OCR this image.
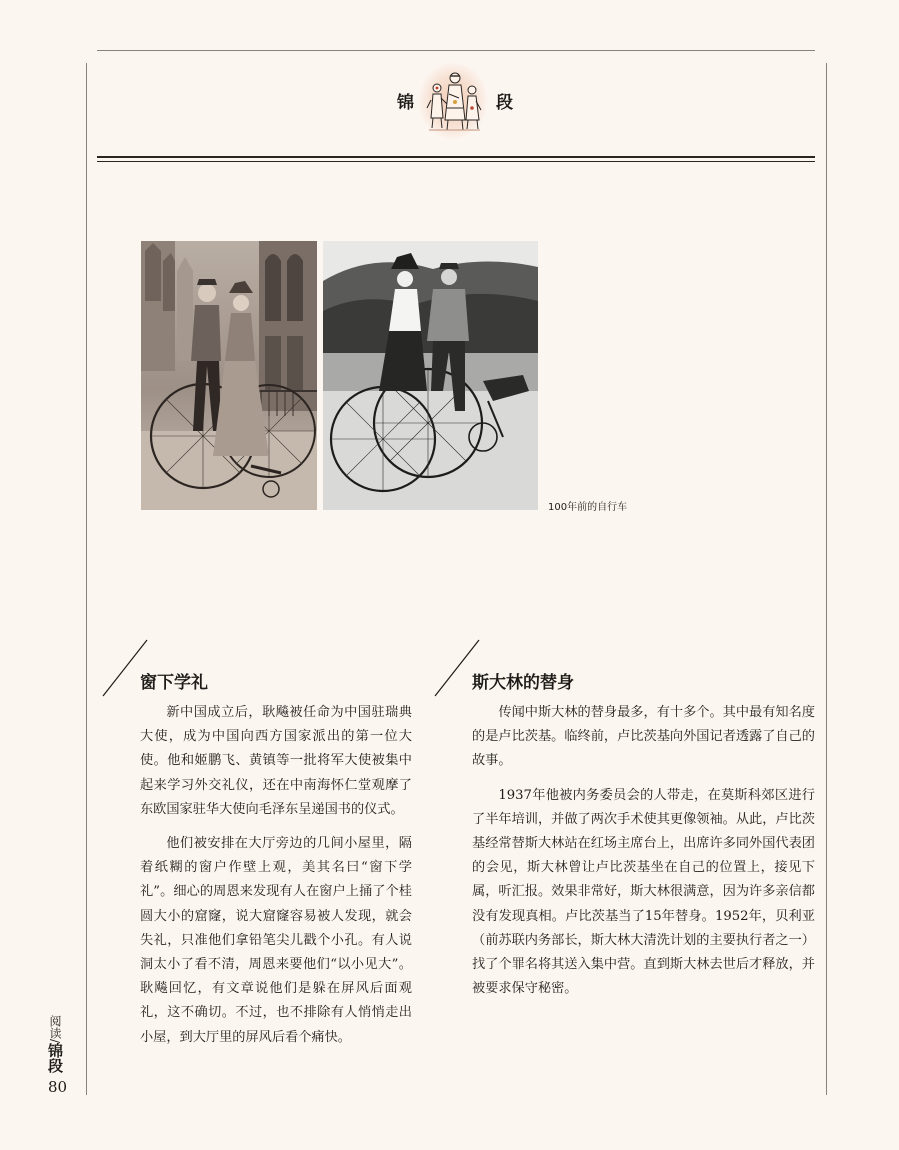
锦	段
100年前的自行车
窗下学礼

新中国成立后，耿飚被任命为中国驻瑞典大使，成为中国向西方国家派出的第一位大使。他和姬鹏飞、黄镇等一批将军大使被集中起来学习外交礼仪，还在中南海怀仁堂观摩了东欧国家驻华大使向毛泽东呈递国书的仪式。

他们被安排在大厅旁边的几间小屋里，隔着纸糊的窗户作壁上观，美其名曰“窗下学礼”。细心的周恩来发现有人在窗户上捅了个桂圆大小的窟窿，说大窟窿容易被人发现，就会失礼，只准他们拿铅笔尖儿戳个小孔。有人说洞太小了看不清，周恩来要他们“以小见大”。耿飚回忆，有文章说他们是躲在屏风后面观礼，这不确切。不过，也不排除有人悄悄走出小屋，到大厅里的屏风后看个痛快。

斯大林的替身

传闻中斯大林的替身最多，有十多个。其中最有知名度的是卢比茨基。临终前，卢比茨基向外国记者透露了自己的故事。

1937年他被内务委员会的人带走，在莫斯科郊区进行了半年培训，并做了两次手术使其更像领袖。从此，卢比茨基经常替斯大林站在红场主席台上，出席许多同外国代表团的会见，斯大林曾让卢比茨基坐在自己的位置上，接见下属，听汇报。效果非常好，斯大林很满意，因为许多亲信都没有发现真相。卢比茨基当了15年替身。1952年，贝利亚（前苏联内务部长，斯大林大清洗计划的主要执行者之一）找了个罪名将其送入集中营。直到斯大林去世后才释放，并被要求保守秘密。

阅读/锦段
80
